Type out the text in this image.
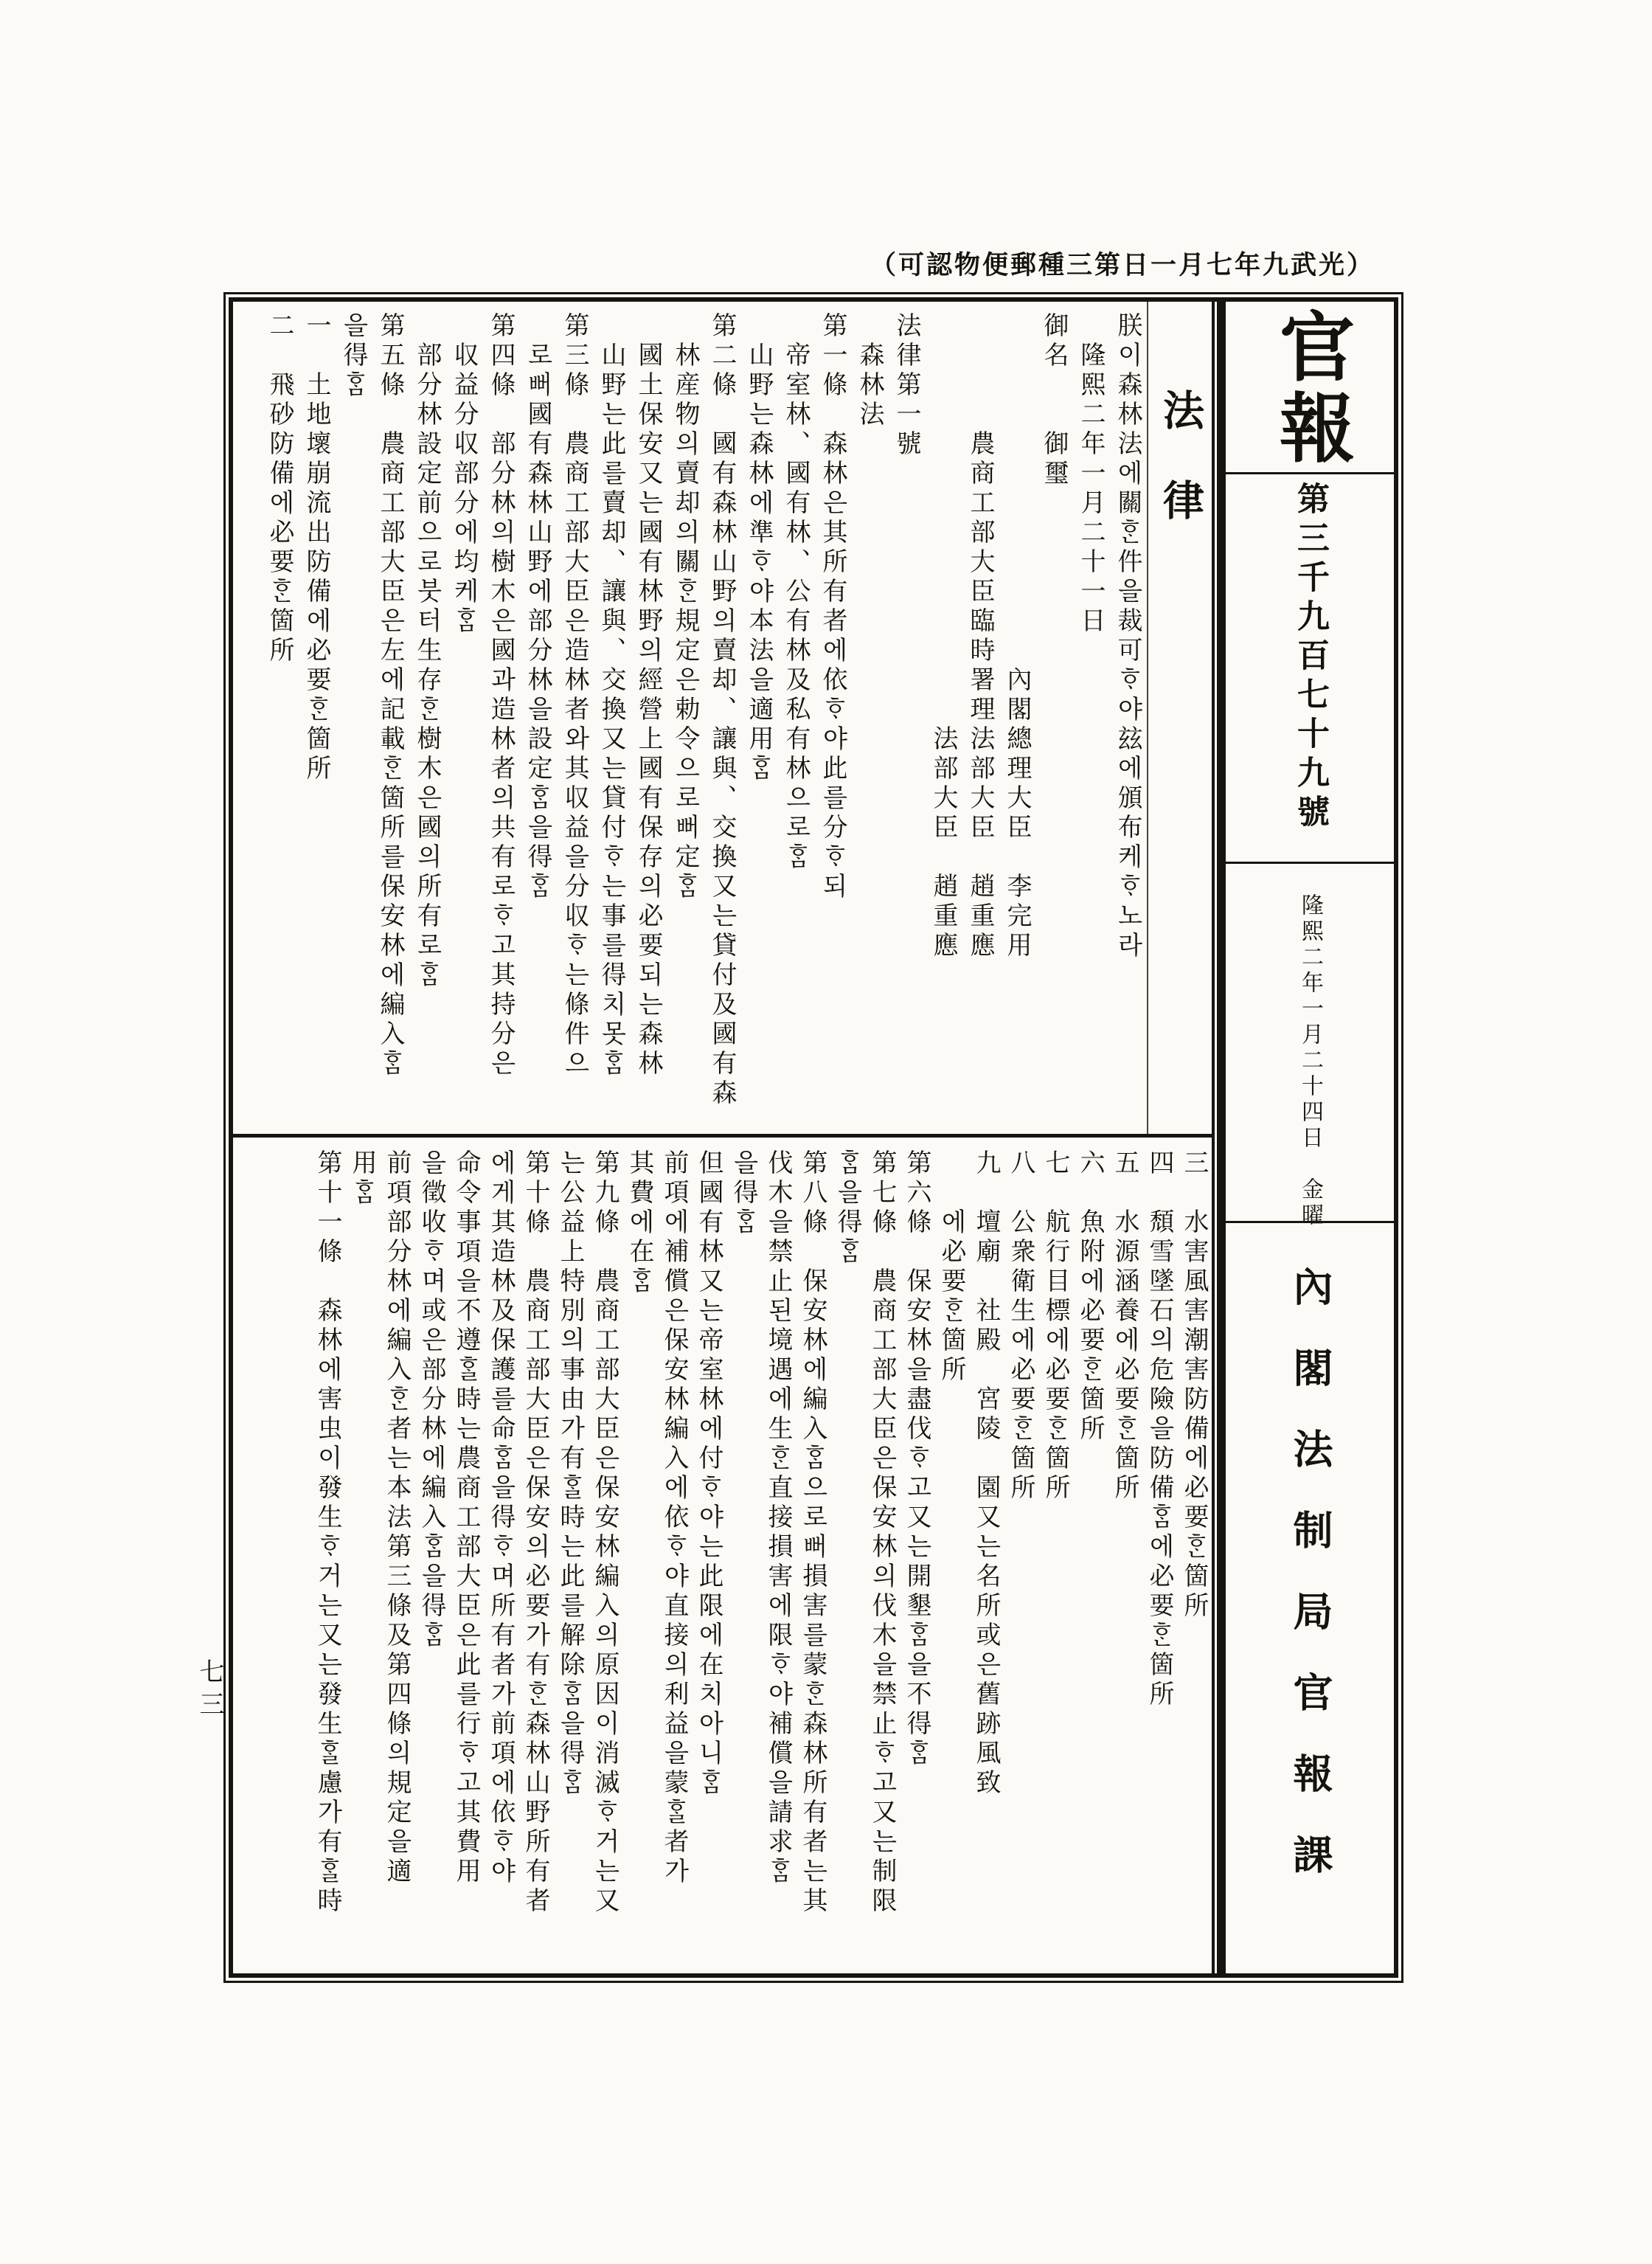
（可認物便郵種三第日一月七年九武光）
朕이森林法에關ᄒᆞᆫ件을裁可ᄒᆞ야玆에頒布케ᄒᆞ노라
　隆熙二年一月二十一日
御名　　御璽
　　　　　　　　　　　　內閣總理大臣　李完用
　　　　農商工部大臣臨時署理法部大臣　趙重應
　　　　　　　　　　　　　　法部大臣　趙重應
法律第一號
　森林法
第一條　森林은其所有者에依ᄒᆞ야此를分ᄒᆞ되
　帝室林、國有林、公有林及私有林으로ᄒᆞᆷ
　山野는森林에準ᄒᆞ야本法을適用ᄒᆞᆷ
第二條　國有森林山野의賣却、讓與、交換又는貸付及國有森
　林産物의賣却의關ᄒᆞᆫ規定은勅令으로뻐定ᄒᆞᆷ
　國土保安又는國有林野의經營上國有保存의必要되는森林
　山野는此를賣却、讓與、交換又는貸付ᄒᆞ는事를得치못ᄒᆞᆷ
第三條　農商工部大臣은造林者와其収益을分収ᄒᆞ는條件으
　로뻐國有森林山野에部分林을設定ᄒᆞᆷ을得ᄒᆞᆷ
第四條　部分林의樹木은國과造林者의共有로ᄒᆞ고其持分은
　収益分収部分에均케ᄒᆞᆷ
　部分林設定前으로붓터生存ᄒᆞᆫ樹木은國의所有로ᄒᆞᆷ
第五條　農商工部大臣은左에記載ᄒᆞᆫ箇所를保安林에編入ᄒᆞᆷ
을得ᄒᆞᆷ
一　土地壞崩流出防備에必要ᄒᆞᆫ箇所
二　飛砂防備에必要ᄒᆞᆫ箇所	法律
三　水害風害潮害防備에必要ᄒᆞᆫ箇所
四　頹雪墜石의危險을防備ᄒᆞᆷ에必要ᄒᆞᆫ箇所
五　水源涵養에必要ᄒᆞᆫ箇所
六　魚附에必要ᄒᆞᆫ箇所
七　航行目標에必要ᄒᆞᆫ箇所
八　公衆衛生에必要ᄒᆞᆫ箇所
九　壇廟　社殿　宮陵　園又는名所或은舊跡風致
　　에必要ᄒᆞᆫ箇所
第六條　保安林을盡伐ᄒᆞ고又는開墾ᄒᆞᆷ을不得ᄒᆞᆷ
第七條　農商工部大臣은保安林의伐木을禁止ᄒᆞ고又는制限
ᄒᆞᆷ을得ᄒᆞᆷ
第八條　保安林에編入ᄒᆞᆷ으로뻐損害를蒙ᄒᆞᆫ森林所有者는其
伐木을禁止된境遇에生ᄒᆞᆫ直接損害에限ᄒᆞ야補償을請求ᄒᆞᆷ
을得ᄒᆞᆷ
但國有林又는帝室林에付ᄒᆞ야는此限에在치아니ᄒᆞᆷ
前項에補償은保安林編入에依ᄒᆞ야直接의利益을蒙ᄒᆞᆯ者가
其費에在ᄒᆞᆷ
第九條　農商工部大臣은保安林編入의原因이消滅ᄒᆞ거는又
는公益上特別의事由가有ᄒᆞᆯ時는此를解除ᄒᆞᆷ을得ᄒᆞᆷ
第十條　農商工部大臣은保安의必要가有ᄒᆞᆫ森林山野所有者
에게其造林及保護를命ᄒᆞᆷ을得ᄒᆞ며所有者가前項에依ᄒᆞ야
命令事項을不遵ᄒᆞᆯ時는農商工部大臣은此를行ᄒᆞ고其費用
을徵收ᄒᆞ며或은部分林에編入ᄒᆞᆷ을得ᄒᆞᆷ
前項部分林에編入ᄒᆞᆫ者는本法第三條及第四條의規定을適
用ᄒᆞᆷ
第十一條　森林에害虫이發生ᄒᆞ거는又는發生ᄒᆞᆯ慮가有ᄒᆞᆯ時
官報
第三千九百七十九號
隆熙二年一月二十四日　金曜
內閣法制局官報課
七三
